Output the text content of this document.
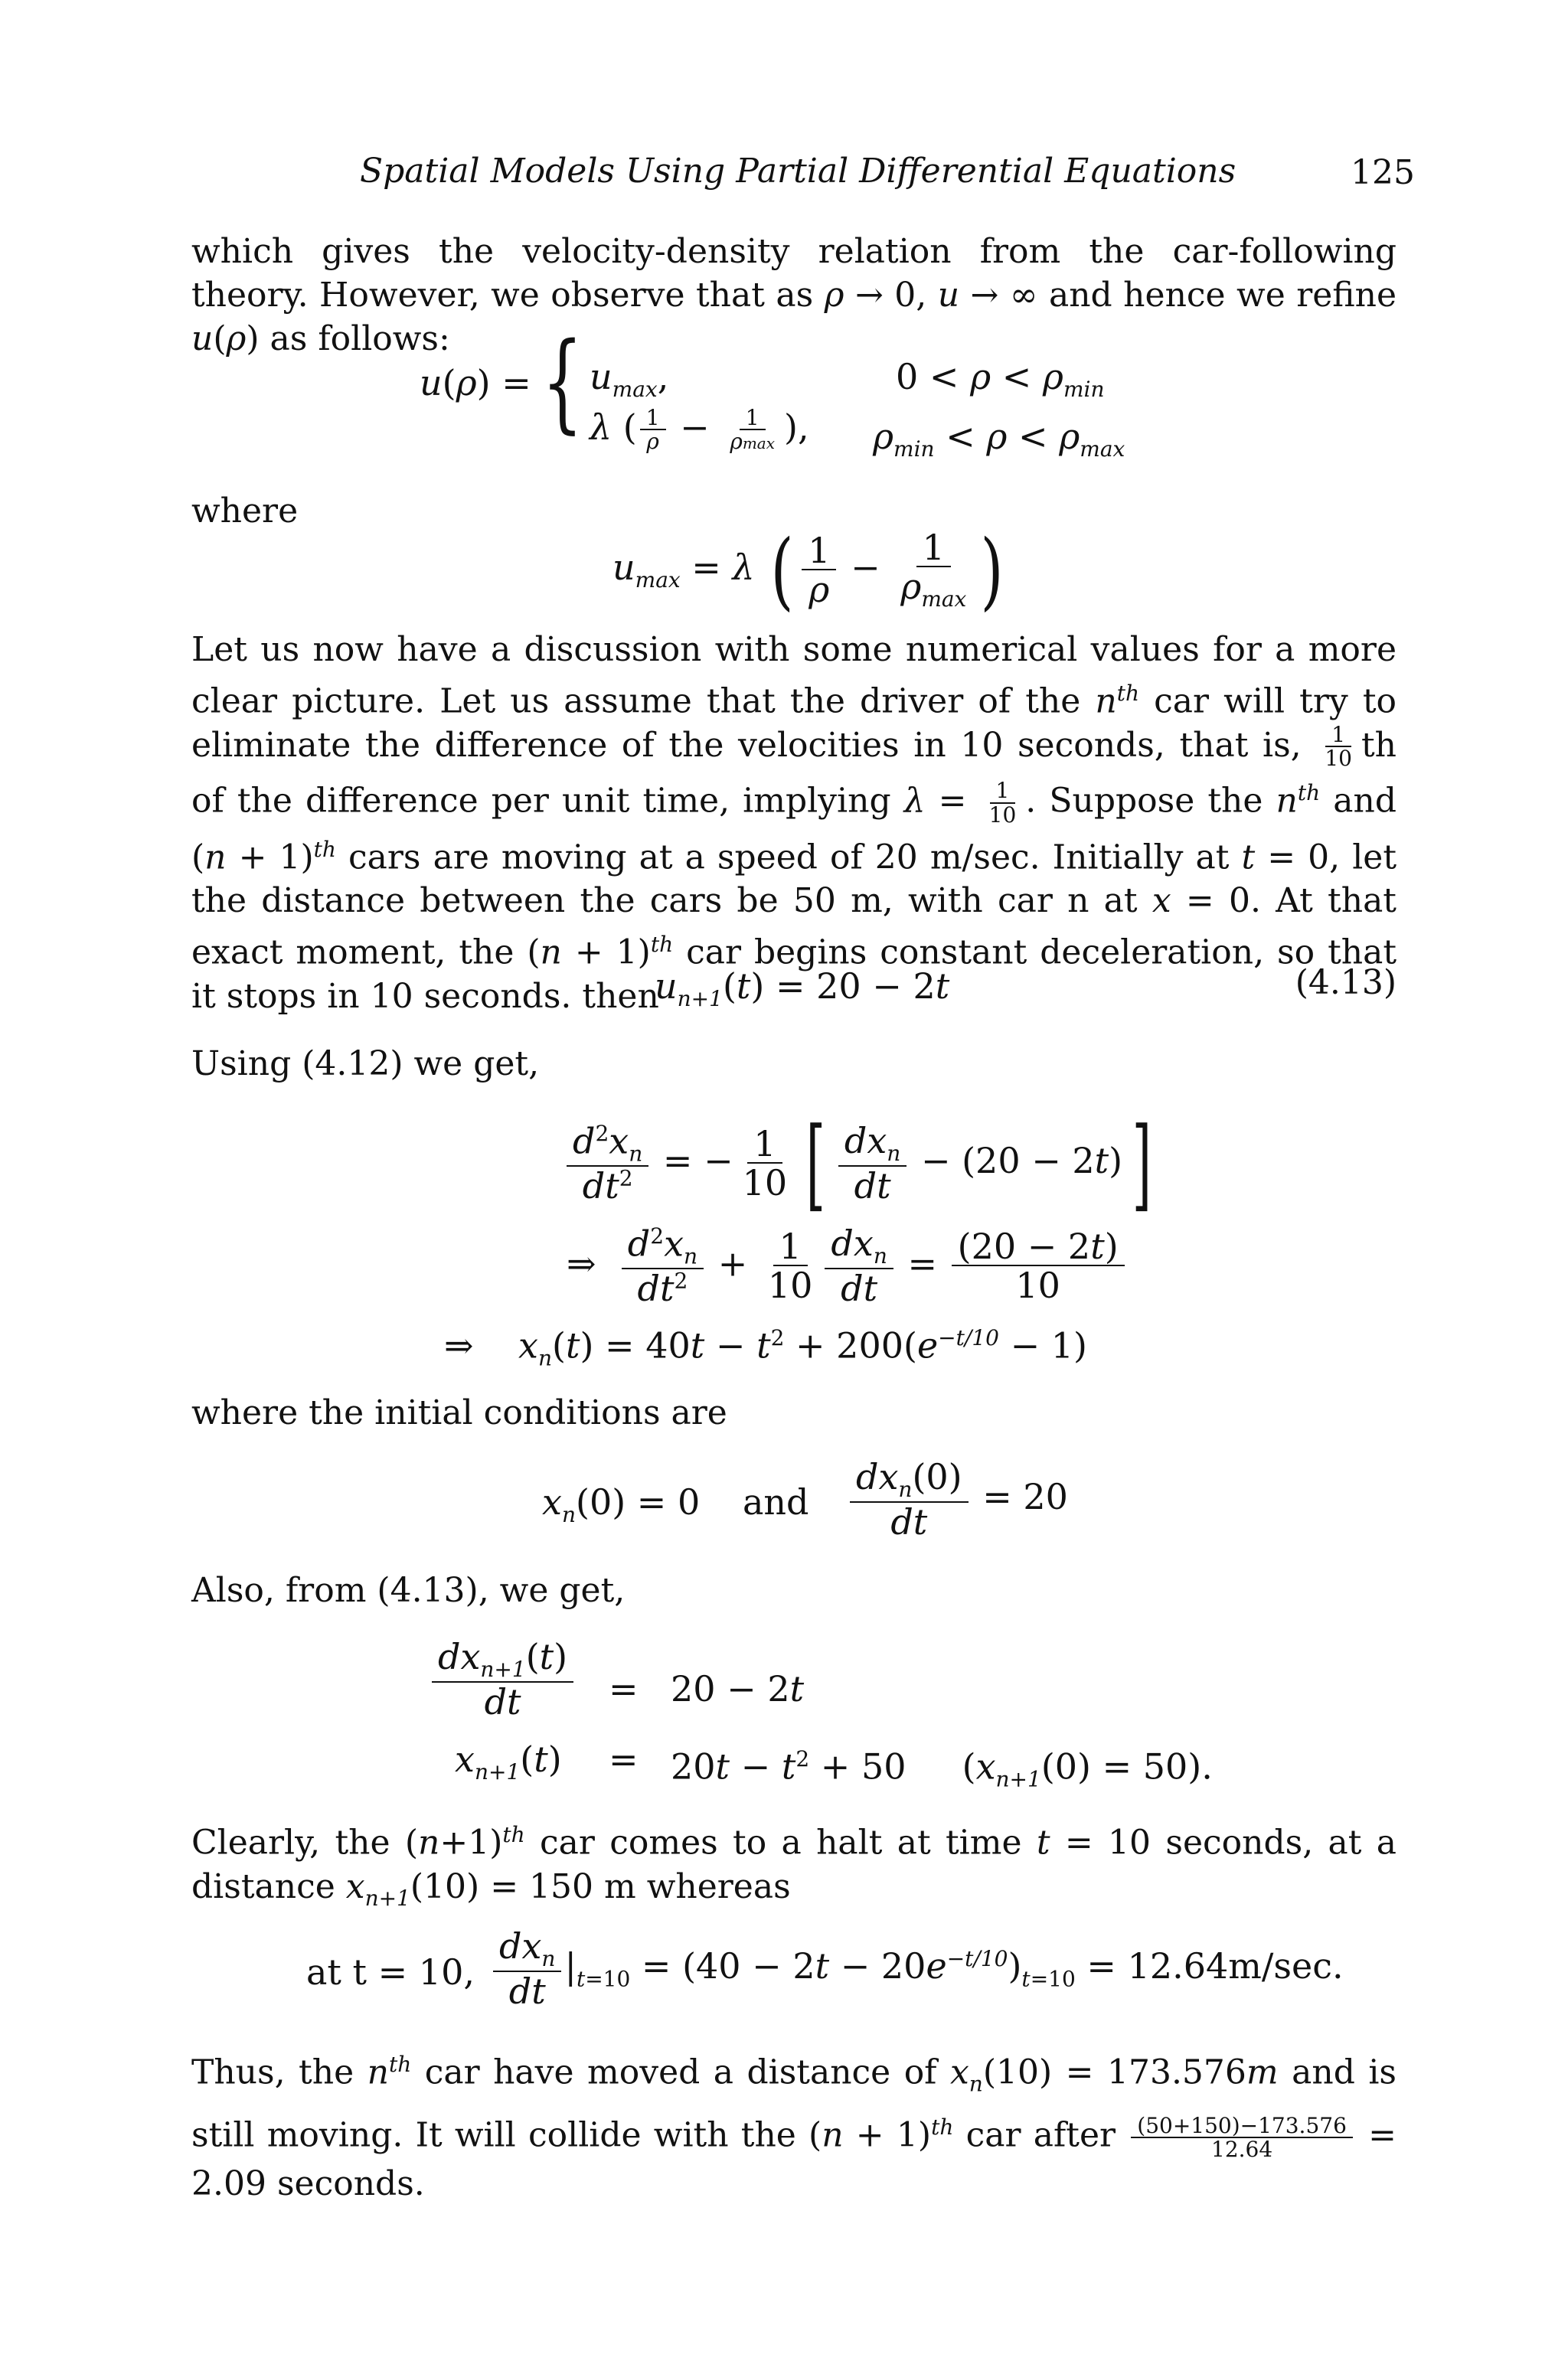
Spatial Models Using Partial Differential Equations	125
which gives the velocity-density relation from the car-following theory. However, we observe that as ρ → 0, u → ∞ and hence we refine u(ρ) as follows:
u(ρ) = { $u_{max}$,	$0 < \rho < \rho_{min}$
λ ( $\frac{1}{\rho} - \frac{1}{\rho\max}$ ), $\rho_{min} < \rho < \rho_{max}$
where
$u_{max} = \lambda$ ( $\frac{1}{\rho} - \frac{1}{\rho_{max}}$ )
Let us now have a discussion with some numerical values for a more clear picture. Let us assume that the driver of the $n^{th}$ car will try to eliminate the difference of the velocities in 10 seconds, that is, $\frac{1}{10}$ th of the difference per unit time, implying $\lambda = \frac{1}{10}$ . Suppose the $n^{th}$ and $(n + 1)^{th}$ cars are moving at a speed of 20 m/sec. Initially at t = 0, let the distance between the cars be 50 m, with car n at x = 0. At that exact moment, the $(n + 1)^{th}$ car begins constant deceleration, so that it stops in 10 seconds. then
$u_{n+1}(t) = 20 - 2t$	(4.13)
Using (4.12) we get,
$\frac{d^2x_n}{dt^2}$ = − $\frac{1}{10}$ [ $\frac{dx_n}{dt} - (20 - 2t)$]
⇒ $\frac{d^2x_n}{dt^2} + \frac{1}{10} \frac{dx_n}{dt} = \frac{(20 - 2t)}{10}$
⇒    $x_n(t) = 40t - t^2 + 200(e^{-t/10} - 1)$
where the initial conditions are
$x_n(0) = 0$ and $\frac{dx_n(0)}{dt} = 20$
Also, from (4.13), we get,
$\frac{dx_{n+1}(t)}{dt} = 20 - 2t$
$x_{n+1}(t) = 20t - t^2 + 50$     $(x_{n+1}(0) = 50)$.
Clearly, the $(n+1)^{th}$ car comes to a halt at time t = 10 seconds, at a distance $x_{n+1}(10) = 150$ m whereas
at t = 10, $\frac{dx_n}{dt} |_{t=10} = (40 - 2t - 20e^{-t/10})_{t=10} = 12.64m/\sec$.
Thus, the $n^{th}$ car have moved a distance of $x_n(10) = 173.576m$ and is still moving. It will collide with the $(n + 1)^{th}$ car after $\frac{(50+150)-173.576}{12.64} = 2.09$ seconds.
